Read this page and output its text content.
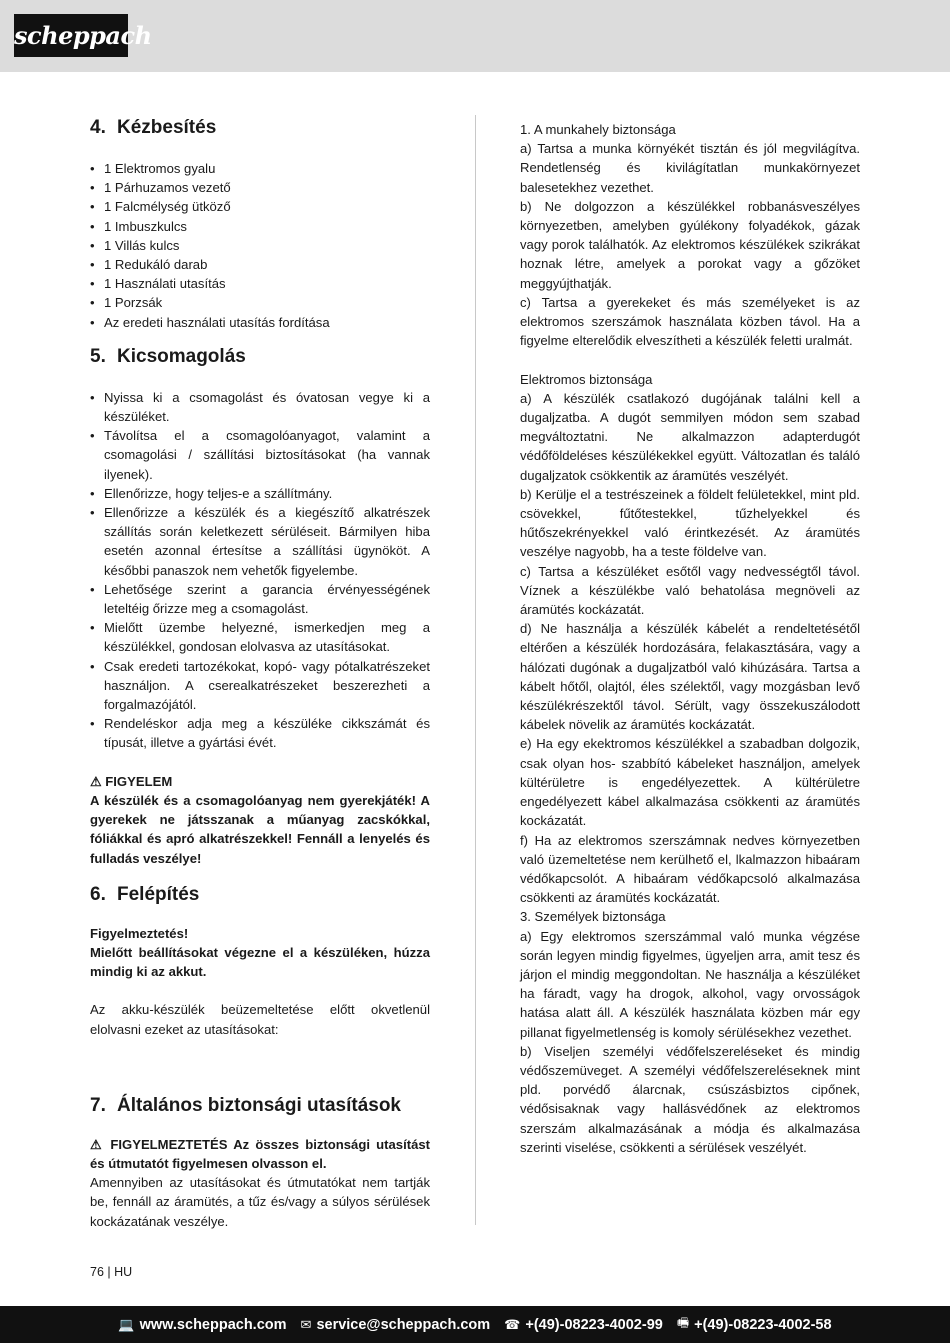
scheppach
4. Kézbesítés
• 1 Elektromos gyalu
• 1 Párhuzamos vezető
• 1 Falcmélység ütköző
• 1 Imbuszkulcs
• 1 Villás kulcs
• 1 Redukáló darab
• 1 Használati utasítás
• 1 Porzsák
• Az eredeti használati utasítás fordítása
5. Kicsomagolás
• Nyissa ki a csomagolást és óvatosan vegye ki a készüléket.
• Távolítsa el a csomagolóanyagot, valamint a csomagolási / szállítási biztosításokat (ha vannak ilyenek).
• Ellenőrizze, hogy teljes-e a szállítmány.
• Ellenőrizze a készülék és a kiegészítő alkatrészek szállítás során keletkezett sérüléseit. Bármilyen hiba esetén azonnal értesítse a szállítási ügynököt. A későbbi panaszok nem vehetők figyelembe.
• Lehetősége szerint a garancia érvényességének leteltéig őrizze meg a csomagolást.
• Mielőtt üzembe helyezné, ismerkedjen meg a készülékkel, gondosan elolvasva az utasításokat.
• Csak eredeti tartozékokat, kopó- vagy pótalkatrészeket használjon. A cserealkatrészeket beszerezheti a forgalmazójától.
• Rendeléskor adja meg a készüléke cikkszámát és típusát, illetve a gyártási évét.

⚠ FIGYELEM

A készülék és a csomagolóanyag nem gyerekjáték! A gyerekek ne játsszanak a műanyag zacskókkal, fóliákkal és apró alkatrészekkel! Fennáll a lenyelés és fulladás veszélye!

6. Felépítés

Figyelmeztetés!

Mielőtt beállításokat végezne el a készüléken, húzza mindig ki az akkut.

Az akku-készülék beüzemeltetése előtt okvetlenül elolvasni ezeket az utasításokat:

7. Általános biztonsági utasítások

⚠ FIGYELMEZTETÉS Az összes biztonsági utasítást és útmutatót figyelmesen olvasson el.

Amennyiben az utasításokat és útmutatókat nem tartják be, fennáll az áramütés, a tűz és/vagy a súlyos sérülések kockázatának veszélye.

1. A munkahely biztonsága

a) Tartsa a munka környékét tisztán és jól megvilágítva. Rendetlenség és kivilágítatlan munkakörnyezet balesetekhez vezethet.

b) Ne dolgozzon a készülékkel robbanásveszélyes környezetben, amelyben gyúlékony folyadékok, gázak vagy porok találhatók. Az elektromos készülékek szikrákat hoznak létre, amelyek a porokat vagy a gőzöket meggyújthatják.

c) Tartsa a gyerekeket és más személyeket is az elektromos szerszámok használata közben távol. Ha a figyelme elterelődik elveszítheti a készülék feletti uralmát.

Elektromos biztonsága

a) A készülék csatlakozó dugójának találni kell a dugaljzatba. A dugót semmilyen módon sem szabad megváltoztatni. Ne alkalmazzon adapterdugót védőföldeléses készülékekkel együtt. Változatlan és találó dugaljzatok csökkentik az áramütés veszélyét.

b) Kerülje el a testrészeinek a földelt felületekkel, mint pld. csövekkel, fűtőtestekkel, tűzhelyekkel és hűtőszekrényekkel való érintkezését. Az áramütés veszélye nagyobb, ha a teste földelve van.

c) Tartsa a készüléket esőtől vagy nedvességtől távol. Víznek a készülékbe való behatolása megnöveli az áramütés kockázatát.

d) Ne használja a készülék kábelét a rendeltetésétől eltérően a készülék hordozására, felakasztására, vagy a hálózati dugónak a dugaljzatból való kihúzására. Tartsa a kábelt hőtől, olajtól, éles szélektől, vagy mozgásban levő készülékrészektől távol. Sérült, vagy összekuszálodott kábelek növelik az áramütés kockázatát.

e) Ha egy ekektromos készülékkel a szabadban dolgozik, csak olyan hos- szabbító kábeleket használjon, amelyek kültérületre is engedélyezettek. A kültérületre engedélyezett kábel alkalmazása csökkenti az áramütés kockázatát.

f) Ha az elektromos szerszámnak nedves környezetben való üzemeltetése nem kerülhető el, lkalmazzon hibaáram védőkapcsolót. A hibaáram védőkapcsoló alkalmazása csökkenti az áramütés kockázatát.

3. Személyek biztonsága

a) Egy elektromos szerszámmal való munka végzése során legyen mindig figyelmes, ügyeljen arra, amit tesz és járjon el mindig meggondoltan. Ne használja a készüléket ha fáradt, vagy ha drogok, alkohol, vagy orvosságok hatása alatt áll. A készülék használata közben már egy pillanat figyelmetlenség is komoly sérülésekhez vezethet.

b) Viseljen személyi védőfelszereléseket és mindig védőszemüveget. A személyi védőfelszereléseknek mint pld. porvédő álarcnak, csúszásbiztos cipőnek, védősisaknak vagy hallásvédőnek az elektromos szerszám alkalmazásának a módja és alkalmazása szerinti viselése, csökkenti a sérülések veszélyét.

76 | HU
💻 www.scheppach.com ✉ service@scheppach.com ☎ +(49)-08223-4002-99 🖷 +(49)-08223-4002-58
